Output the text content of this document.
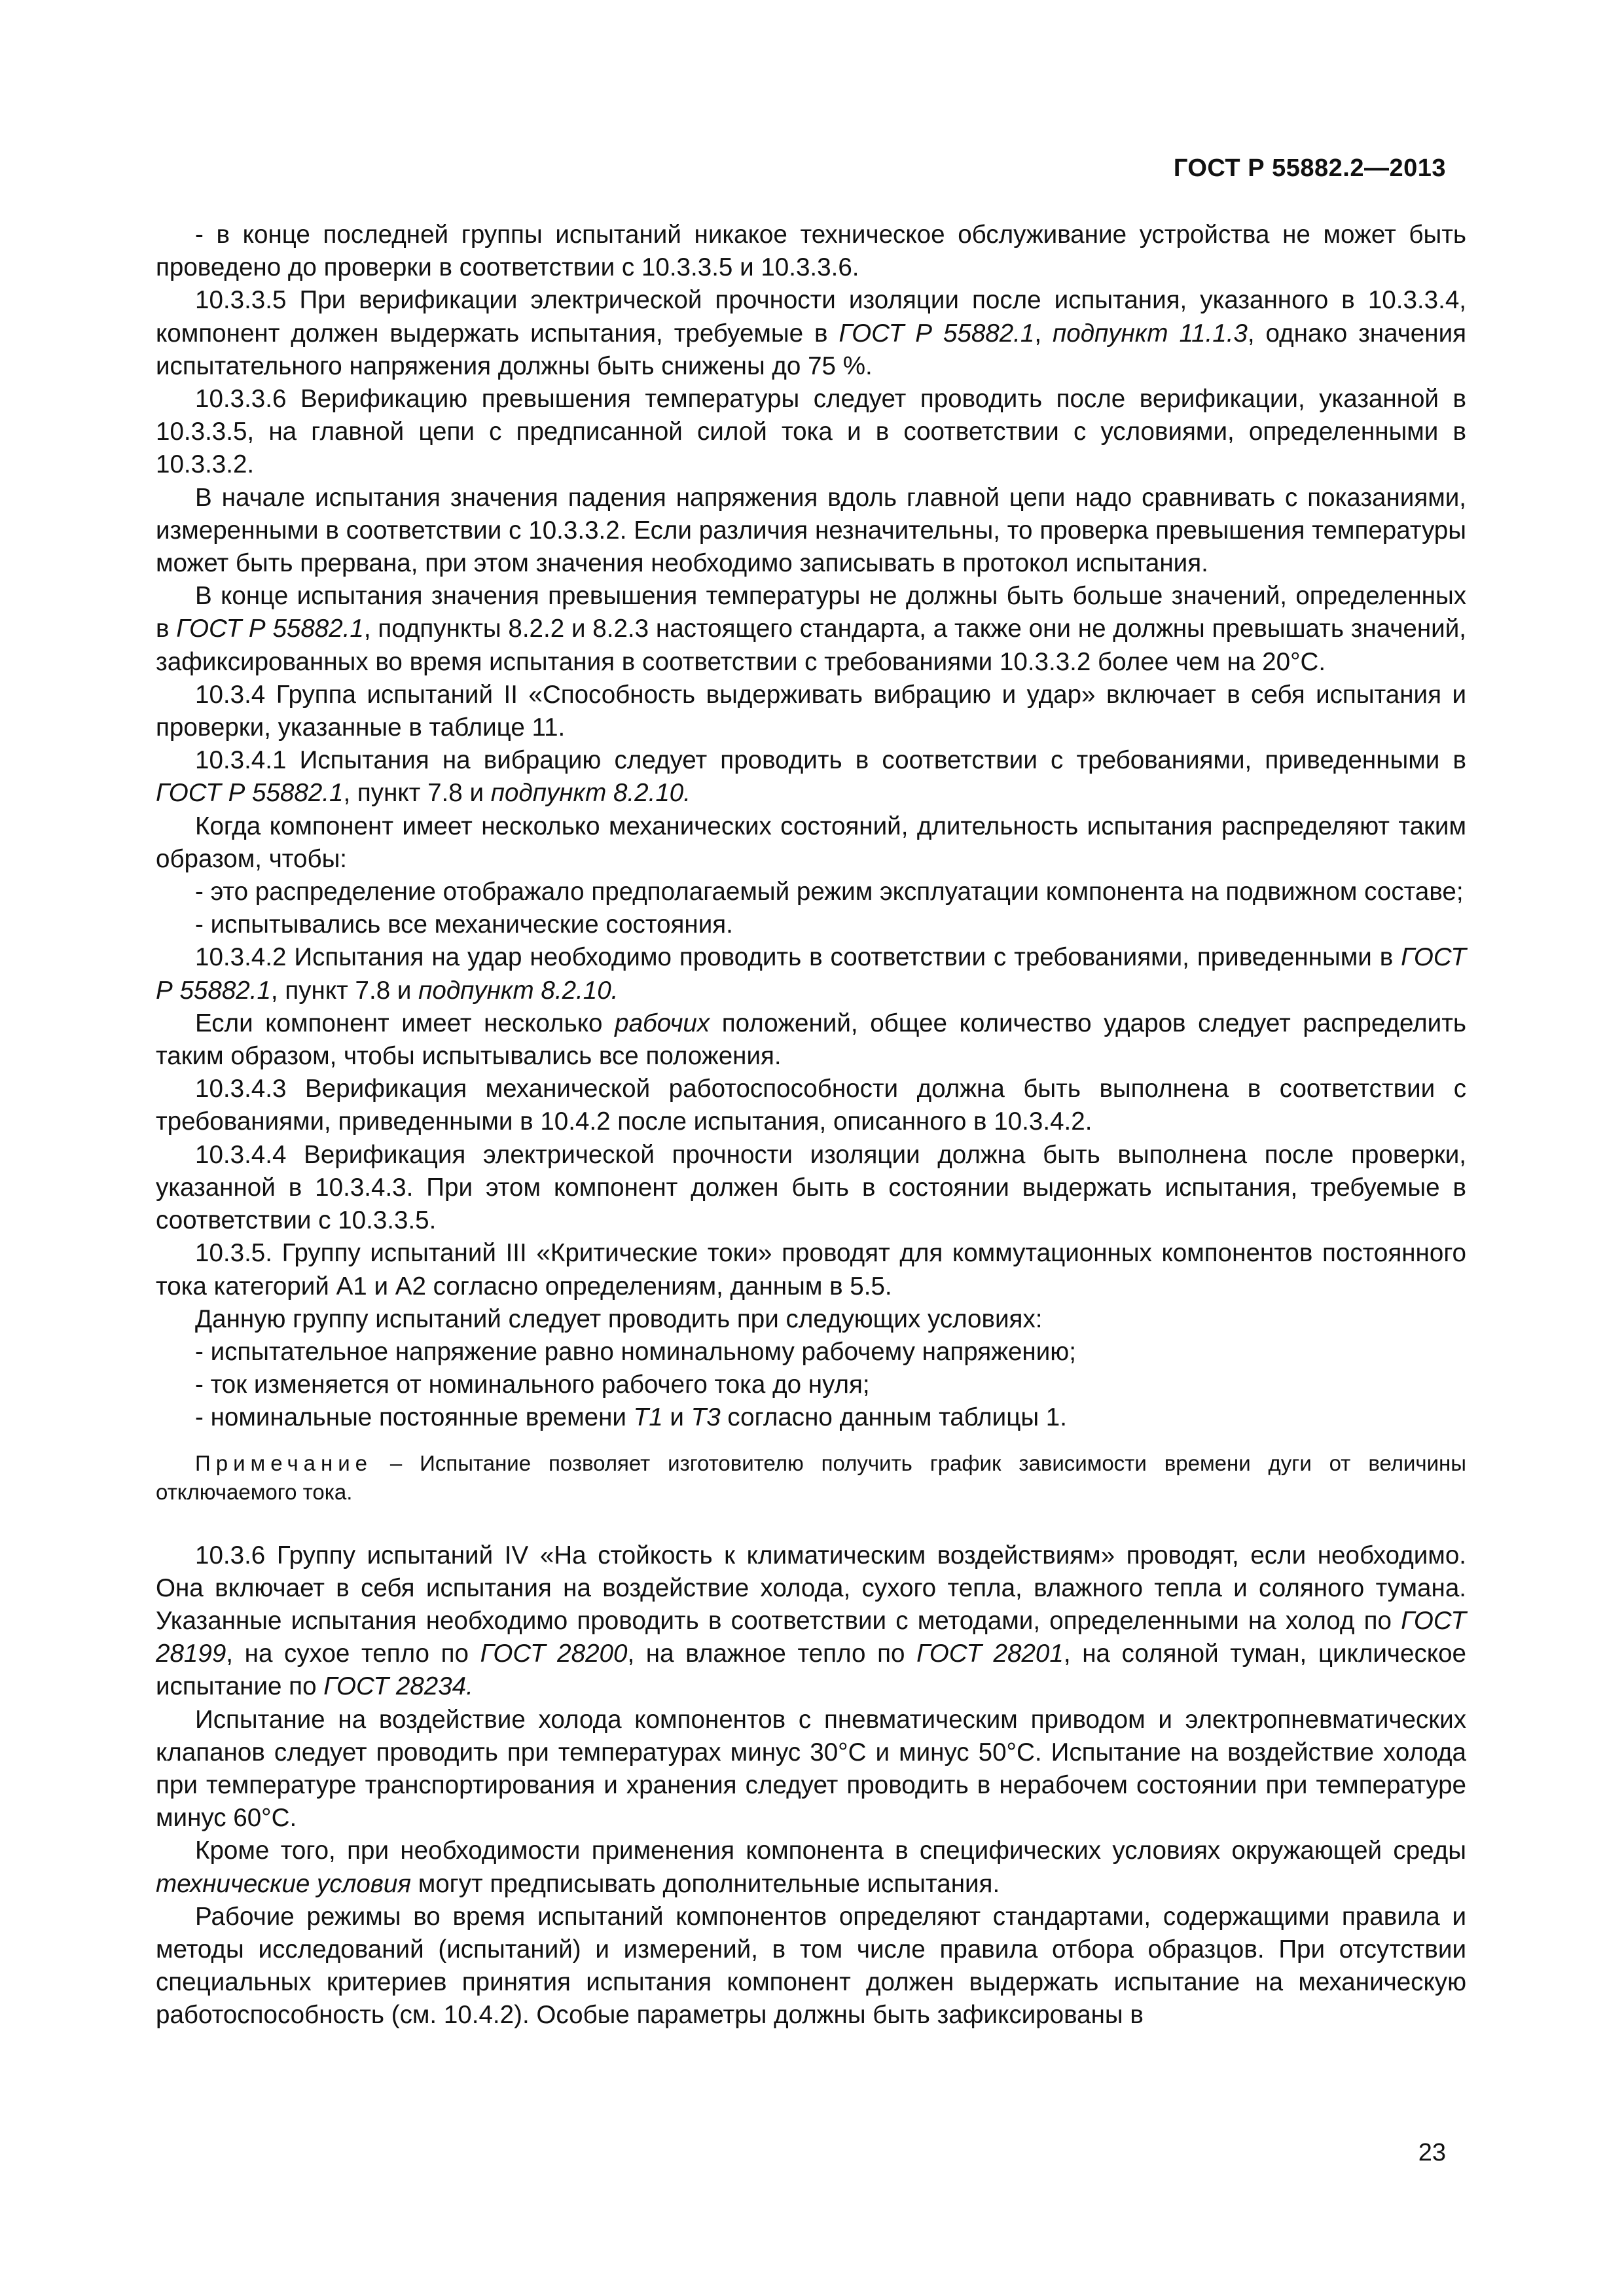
ГОСТ Р 55882.2—2013

- в конце последней группы испытаний никакое техническое обслуживание устройства не может быть проведено до проверки в соответствии с 10.3.3.5 и 10.3.3.6.

10.3.3.5 При верификации электрической прочности изоляции после испытания, указанного в 10.3.3.4, компонент должен выдержать испытания, требуемые в ГОСТ Р 55882.1, подпункт 11.1.3, однако значения испытательного напряжения должны быть снижены до 75 %.

10.3.3.6 Верификацию превышения температуры следует проводить после верификации, указанной в 10.3.3.5, на главной цепи с предписанной силой тока и в соответствии с условиями, определенными в 10.3.3.2.

В начале испытания значения падения напряжения вдоль главной цепи надо сравнивать с показаниями, измеренными в соответствии с 10.3.3.2. Если различия незначительны, то проверка превышения температуры может быть прервана, при этом значения необходимо записывать в протокол испытания.

В конце испытания значения превышения температуры не должны быть больше значений, определенных в ГОСТ Р 55882.1, подпункты 8.2.2 и 8.2.3 настоящего стандарта, а также они не должны превышать значений, зафиксированных во время испытания в соответствии с требованиями 10.3.3.2 более чем на 20°С.

10.3.4 Группа испытаний II «Способность выдерживать вибрацию и удар» включает в себя испытания и проверки, указанные в таблице 11.

10.3.4.1 Испытания на вибрацию следует проводить в соответствии с требованиями, приведенными в ГОСТ Р 55882.1, пункт 7.8 и подпункт 8.2.10.

Когда компонент имеет несколько механических состояний, длительность испытания распределяют таким образом, чтобы:

- это распределение отображало предполагаемый режим эксплуатации компонента на подвижном составе;

- испытывались все механические состояния.

10.3.4.2 Испытания на удар необходимо проводить в соответствии с требованиями, приведенными в ГОСТ Р 55882.1, пункт 7.8 и подпункт 8.2.10.

Если компонент имеет несколько рабочих положений, общее количество ударов следует распределить таким образом, чтобы испытывались все положения.

10.3.4.3 Верификация механической работоспособности должна быть выполнена в соответствии с требованиями, приведенными в 10.4.2 после испытания, описанного в 10.3.4.2.

10.3.4.4 Верификация электрической прочности изоляции должна быть выполнена после проверки, указанной в 10.3.4.3. При этом компонент должен быть в состоянии выдержать испытания, требуемые в соответствии с 10.3.3.5.

10.3.5. Группу испытаний III «Критические токи» проводят для коммутационных компонентов постоянного тока категорий А1 и А2 согласно определениям, данным в 5.5.

Данную группу испытаний следует проводить при следующих условиях:

- испытательное напряжение равно номинальному рабочему напряжению;

- ток изменяется от номинального рабочего тока до нуля;

- номинальные постоянные времени Т1 и Т3 согласно данным таблицы 1.

Примечание – Испытание позволяет изготовителю получить график зависимости времени дуги от величины отключаемого тока.

10.3.6 Группу испытаний IV «На стойкость к климатическим воздействиям» проводят, если необходимо. Она включает в себя испытания на воздействие холода, сухого тепла, влажного тепла и соляного тумана. Указанные испытания необходимо проводить в соответствии с методами, определенными на холод по ГОСТ 28199, на сухое тепло по ГОСТ 28200, на влажное тепло по ГОСТ 28201, на соляной туман, циклическое испытание по ГОСТ 28234.

Испытание на воздействие холода компонентов с пневматическим приводом и электропневматических клапанов следует проводить при температурах минус 30°С и минус 50°С. Испытание на воздействие холода при температуре транспортирования и хранения следует проводить в нерабочем состоянии при температуре минус 60°С.

Кроме того, при необходимости применения компонента в специфических условиях окружающей среды технические условия могут предписывать дополнительные испытания.

Рабочие режимы во время испытаний компонентов определяют стандартами, содержащими правила и методы исследований (испытаний) и измерений, в том числе правила отбора образцов. При отсутствии специальных критериев принятия испытания компонент должен выдержать испытание на механическую работоспособность (см. 10.4.2). Особые параметры должны быть зафиксированы в

23
